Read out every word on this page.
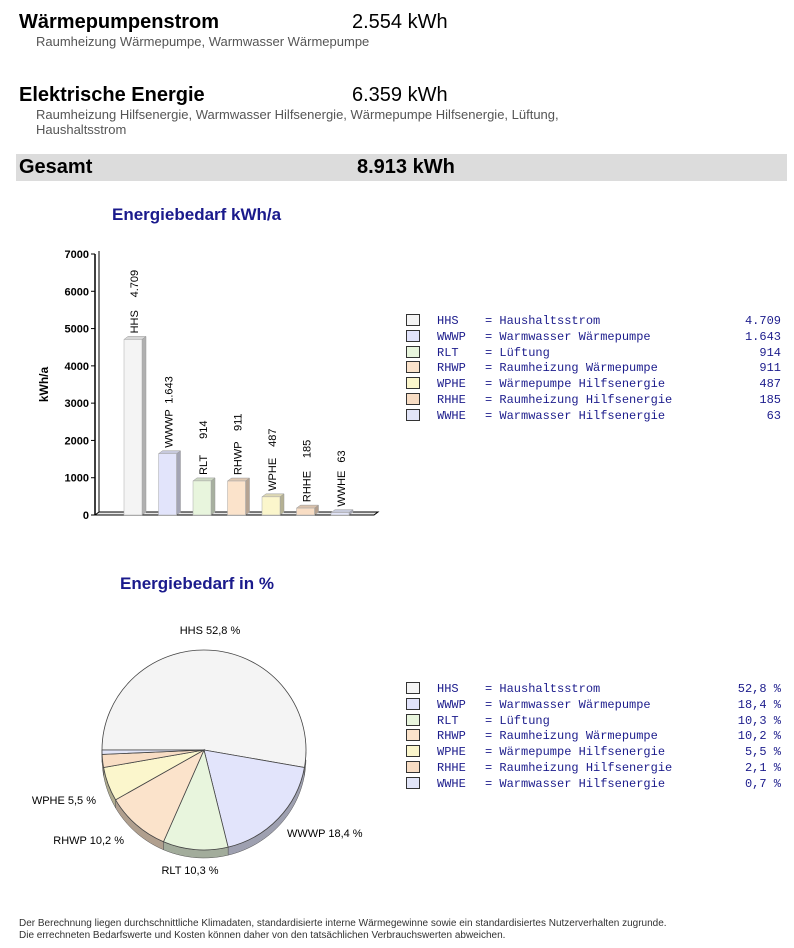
Wärmepumpenstrom	2.554 kWh
Raumheizung Wärmepumpe, Warmwasser Wärmepumpe
Elektrische Energie	6.359 kWh
Raumheizung Hilfsenergie, Warmwasser Hilfsenergie, Wärmepumpe Hilfsenergie, Lüftung,
Haushaltsstrom
Gesamt	8.913 kWh
Energiebedarf kWh/a
0
1000
2000
3000
4000
5000
6000
7000
kWh/a
HHS
4.709
WWWP
1.643
RLT
914
RHWP
911
WPHE
487
RHHE
185
WWHE
63
HHS = Haushaltsstrom	4.709
WWWP = Warmwasser Wärmepumpe	1.643
RLT = Lüftung	914
RHWP = Raumheizung Wärmepumpe	911
WPHE = Wärmepumpe Hilfsenergie	487
RHHE = Raumheizung Hilfsenergie	185
WWHE = Warmwasser Hilfsenergie	63
Energiebedarf in %
HHS 52,8 %
WWWP 18,4 %
RLT 10,3 %
RHWP 10,2 %
WPHE 5,5 %
HHS = Haushaltsstrom	52,8 %
WWWP = Warmwasser Wärmepumpe	18,4 %
RLT = Lüftung	10,3 %
RHWP = Raumheizung Wärmepumpe	10,2 %
WPHE = Wärmepumpe Hilfsenergie	5,5 %
RHHE = Raumheizung Hilfsenergie	2,1 %
WWHE = Warmwasser Hilfsenergie	0,7 %
Der Berechnung liegen durchschnittliche Klimadaten, standardisierte interne Wärmegewinne sowie ein standardisiertes Nutzerverhalten zugrunde.
Die errechneten Bedarfswerte und Kosten können daher von den tatsächlichen Verbrauchswerten abweichen.
